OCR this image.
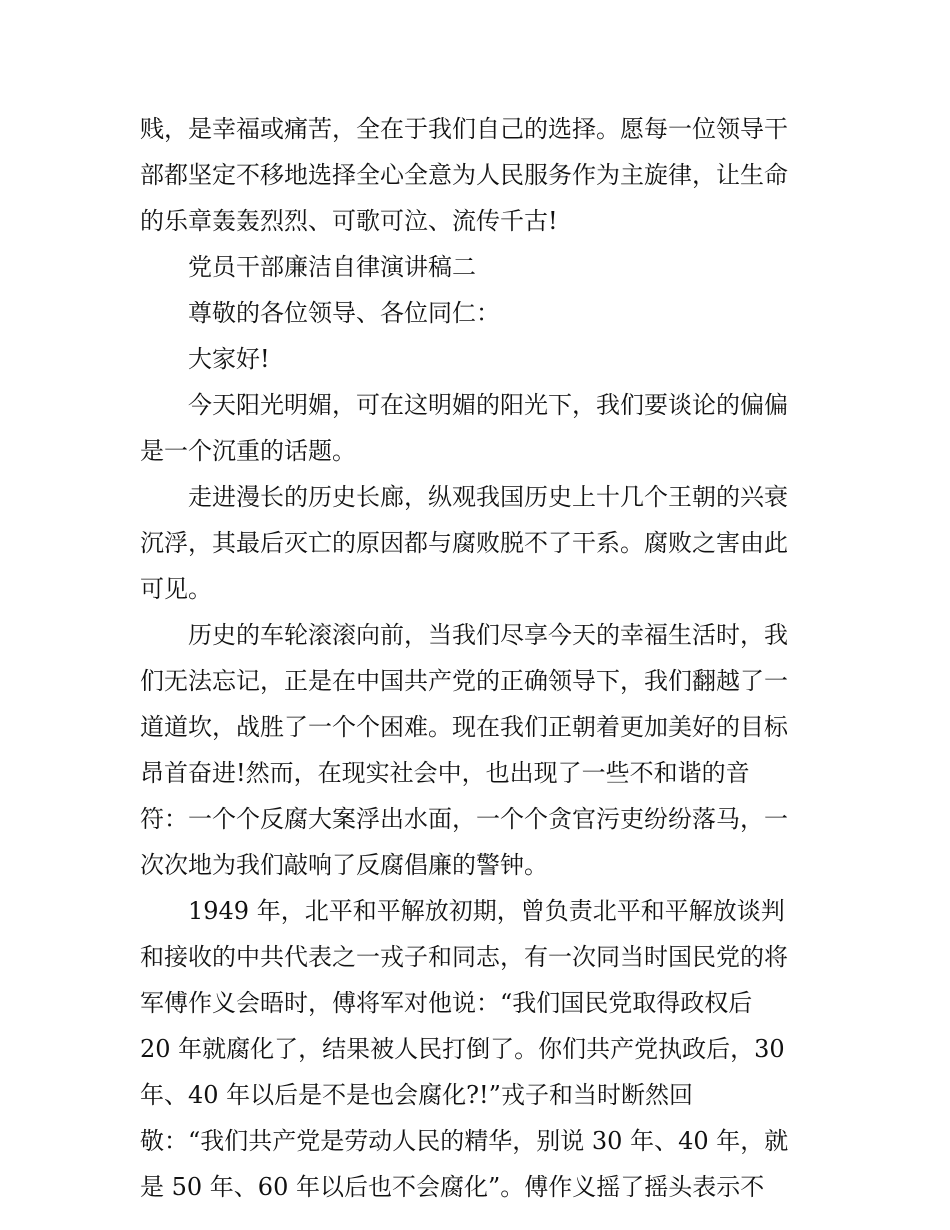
贱，是幸福或痛苦，全在于我们自己的选择。愿每一位领导干
部都坚定不移地选择全心全意为人民服务作为主旋律，让生命
的乐章轰轰烈烈、可歌可泣、流传千古!
党员干部廉洁自律演讲稿二
尊敬的各位领导、各位同仁：
大家好!
今天阳光明媚，可在这明媚的阳光下，我们要谈论的偏偏
是一个沉重的话题。
走进漫长的历史长廊，纵观我国历史上十几个王朝的兴衰
沉浮，其最后灭亡的原因都与腐败脱不了干系。腐败之害由此
可见。
历史的车轮滚滚向前，当我们尽享今天的幸福生活时，我
们无法忘记，正是在中国共产党的正确领导下，我们翻越了一
道道坎，战胜了一个个困难。现在我们正朝着更加美好的目标
昂首奋进!然而，在现实社会中，也出现了一些不和谐的音
符：一个个反腐大案浮出水面，一个个贪官污吏纷纷落马，一
次次地为我们敲响了反腐倡廉的警钟。
1949 年，北平和平解放初期，曾负责北平和平解放谈判
和接收的中共代表之一戎子和同志，有一次同当时国民党的将
军傅作义会晤时，傅将军对他说：“我们国民党取得政权后
20 年就腐化了，结果被人民打倒了。你们共产党执政后，30
年、40 年以后是不是也会腐化?!”戎子和当时断然回
敬：“我们共产党是劳动人民的精华，别说 30 年、40 年，就
是 50 年、60 年以后也不会腐化”。傅作义摇了摇头表示不
